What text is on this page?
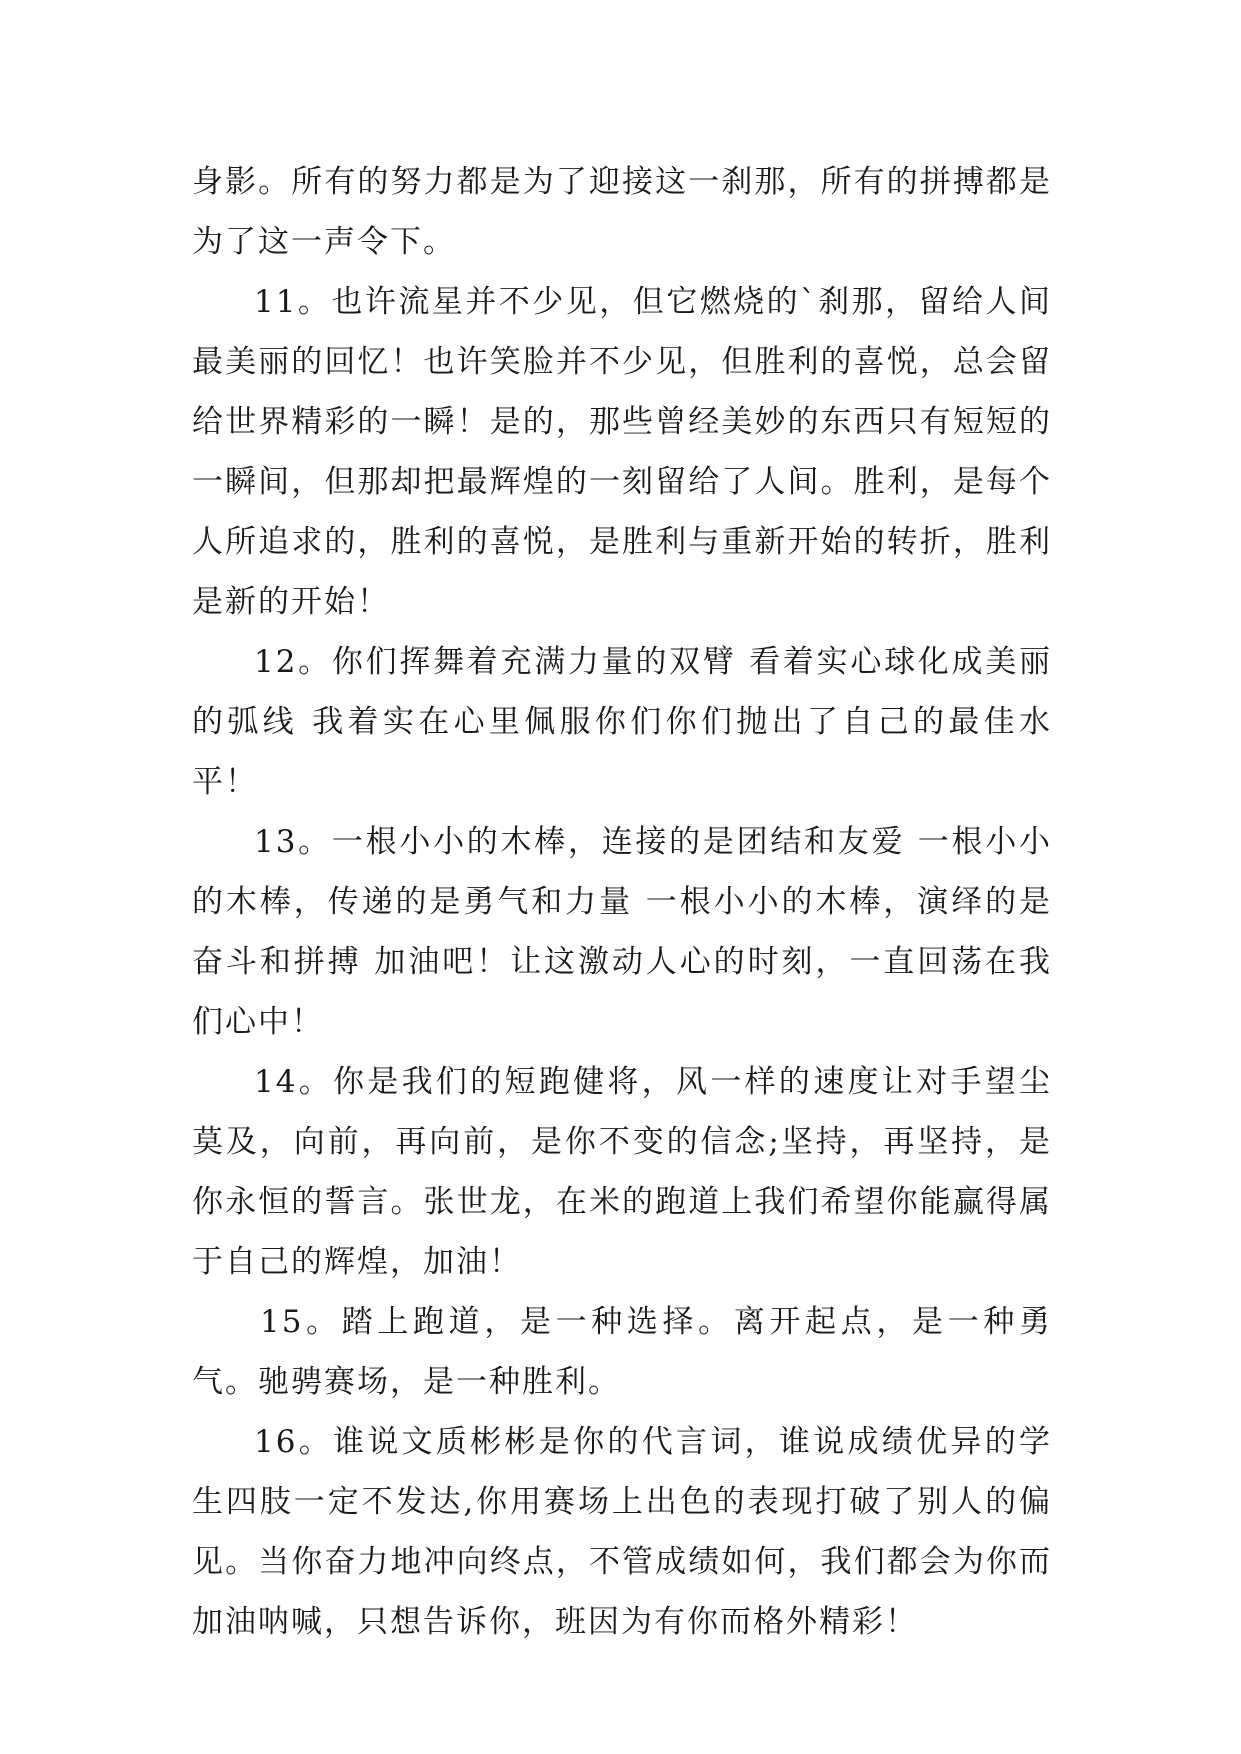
身影。所有的努力都是为了迎接这一刹那，所有的拼搏都是为了这一声令下。

11。也许流星并不少见，但它燃烧的`刹那，留给人间最美丽的回忆！也许笑脸并不少见，但胜利的喜悦，总会留给世界精彩的一瞬！是的，那些曾经美妙的东西只有短短的一瞬间，但那却把最辉煌的一刻留给了人间。胜利，是每个人所追求的，胜利的喜悦，是胜利与重新开始的转折，胜利是新的开始！

12。你们挥舞着充满力量的双臂 看着实心球化成美丽的弧线 我着实在心里佩服你们你们抛出了自己的最佳水平！

13。一根小小的木棒，连接的是团结和友爱 一根小小的木棒，传递的是勇气和力量 一根小小的木棒，演绎的是奋斗和拼搏 加油吧！让这激动人心的时刻，一直回荡在我们心中！

14。你是我们的短跑健将，风一样的速度让对手望尘莫及，向前，再向前，是你不变的信念;坚持，再坚持，是你永恒的誓言。张世龙，在米的跑道上我们希望你能赢得属于自己的辉煌，加油！

15。踏上跑道，是一种选择。离开起点，是一种勇气。驰骋赛场，是一种胜利。

16。谁说文质彬彬是你的代言词，谁说成绩优异的学生四肢一定不发达,你用赛场上出色的表现打破了别人的偏见。当你奋力地冲向终点，不管成绩如何，我们都会为你而加油呐喊，只想告诉你，班因为有你而格外精彩！
